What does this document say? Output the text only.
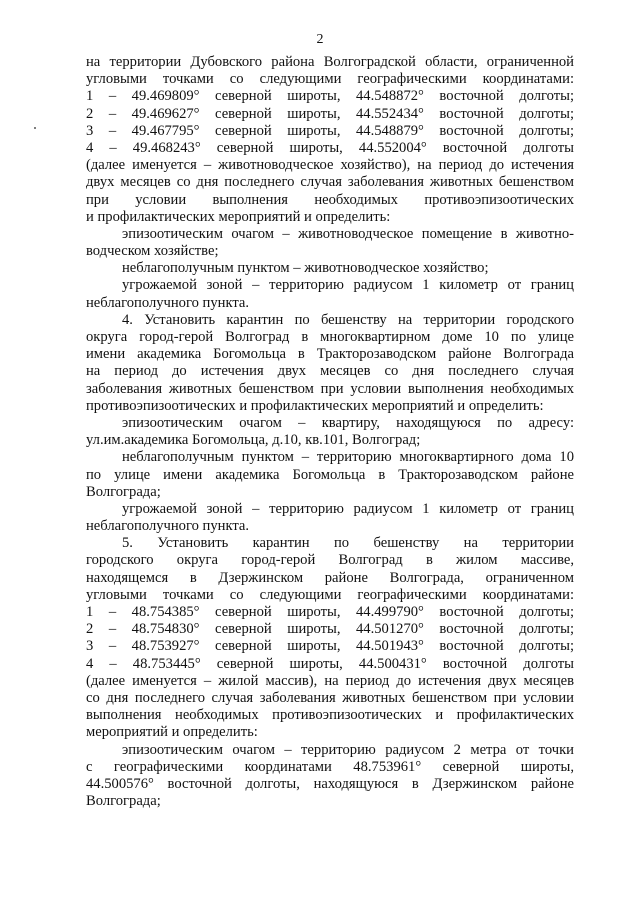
2
на территории Дубовского района Волгоградской области, ограниченной
угловыми точками со следующими географическими координатами:
1 – 49.469809° северной широты, 44.548872° восточной долготы;
2 – 49.469627° северной широты, 44.552434° восточной долготы;
3 – 49.467795° северной широты, 44.548879° восточной долготы;
4 – 49.468243° северной широты, 44.552004° восточной долготы
(далее именуется – животноводческое хозяйство), на период до истечения
двух месяцев со дня последнего случая заболевания животных бешенством
при условии выполнения необходимых противоэпизоотических
и профилактических мероприятий и определить:
эпизоотическим очагом – животноводческое помещение в животно-
водческом хозяйстве;
неблагополучным пунктом – животноводческое хозяйство;
угрожаемой зоной – территорию радиусом 1 километр от границ
неблагополучного пункта.
4. Установить карантин по бешенству на территории городского
округа город-герой Волгоград в многоквартирном доме 10 по улице
имени академика Богомольца в Тракторозаводском районе Волгограда
на период до истечения двух месяцев со дня последнего случая
заболевания животных бешенством при условии выполнения необходимых
противоэпизоотических и профилактических мероприятий и определить:
эпизоотическим очагом – квартиру, находящуюся по адресу:
ул.им.академика Богомольца, д.10, кв.101, Волгоград;
неблагополучным пунктом – территорию многоквартирного дома 10
по улице имени академика Богомольца в Тракторозаводском районе
Волгограда;
угрожаемой зоной – территорию радиусом 1 километр от границ
неблагополучного пункта.
5. Установить карантин по бешенству на территории
городского округа город-герой Волгоград в жилом массиве,
находящемся в Дзержинском районе Волгограда, ограниченном
угловыми точками со следующими географическими координатами:
1 – 48.754385° северной широты, 44.499790° восточной долготы;
2 – 48.754830° северной широты, 44.501270° восточной долготы;
3 – 48.753927° северной широты, 44.501943° восточной долготы;
4 – 48.753445° северной широты, 44.500431° восточной долготы
(далее именуется – жилой массив), на период до истечения двух месяцев
со дня последнего случая заболевания животных бешенством при условии
выполнения необходимых противоэпизоотических и профилактических
мероприятий и определить:
эпизоотическим очагом – территорию радиусом 2 метра от точки
с географическими координатами 48.753961° северной широты,
44.500576° восточной долготы, находящуюся в Дзержинском районе
Волгограда;
